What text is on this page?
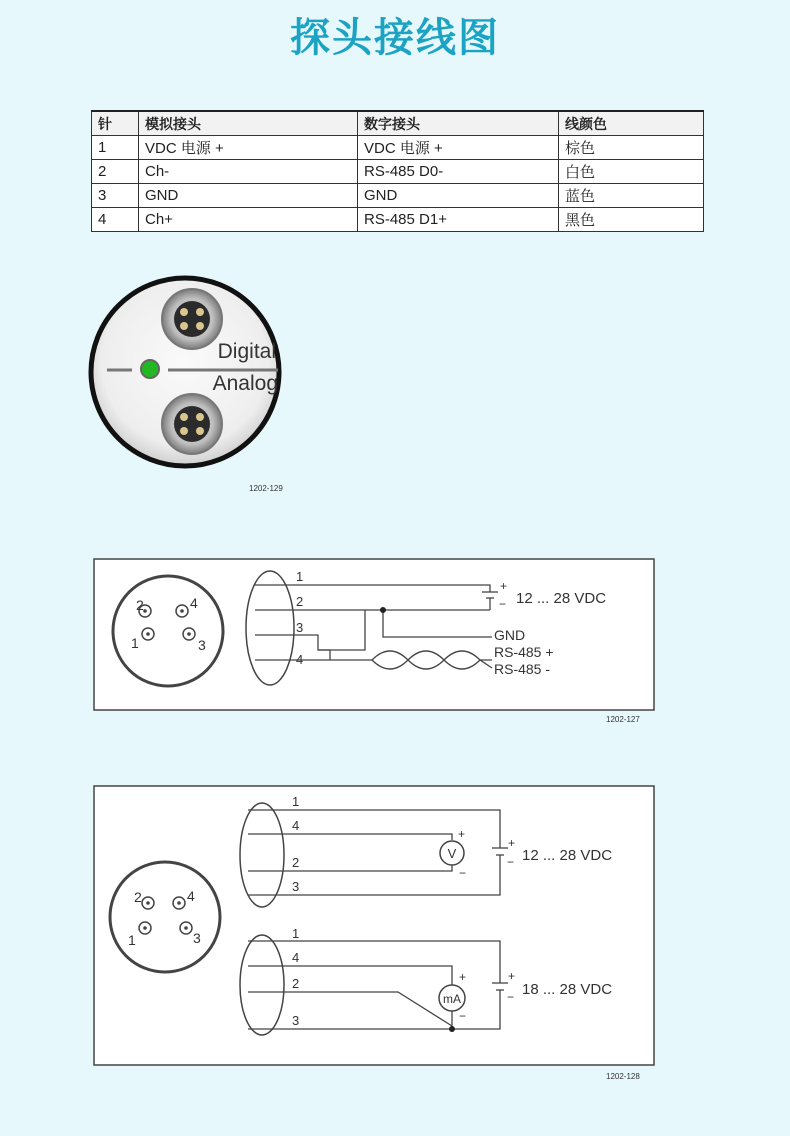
探头接线图
针	模拟接头	数字接头	线颜色
1	VDC 电源 +	VDC 电源 +	棕色
2	Ch-	RS-485 D0-	白色
3	GND	GND	蓝色
4	Ch+	RS-485 D1+	黑色
Digital
Analog
1202-129
2	4
1	3
1
2
3
4
+
− 12 ... 28 VDC
GND
RS-485 +
RS-485 -
1202-127
2	4
1	3
V
+
−
+
− 12 ... 28 VDC
1
4
2
3
mA
+
−
+
− 18 ... 28 VDC
1
4
2
3
1202-128
